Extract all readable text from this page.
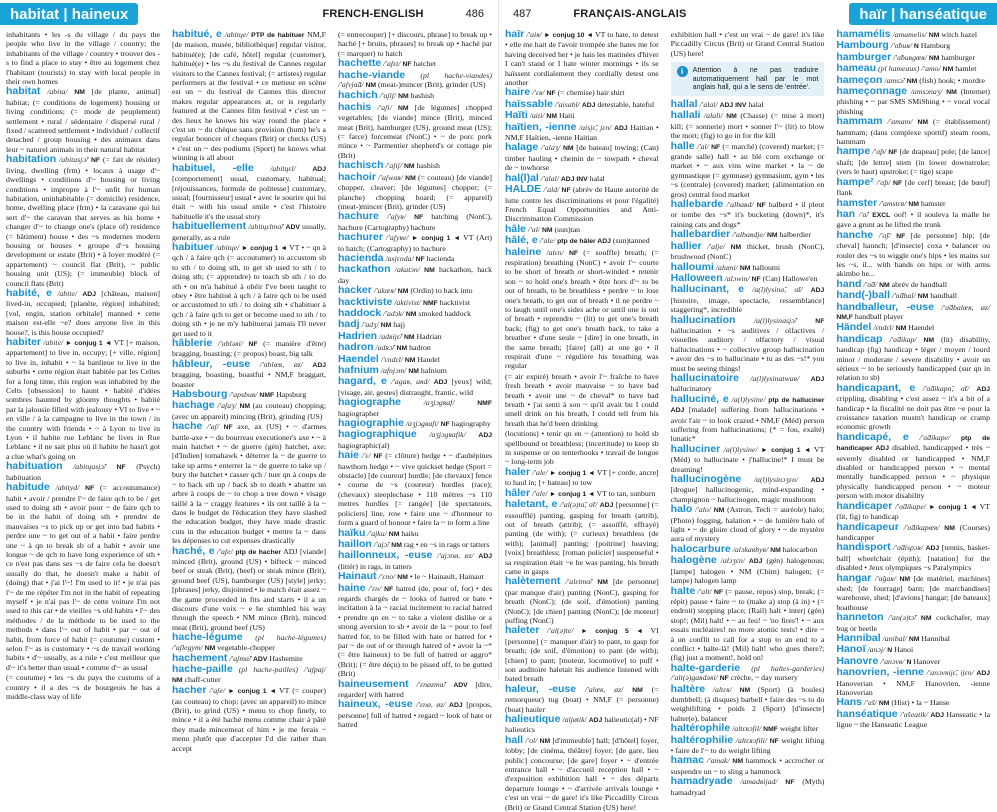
habitat | haineux	FRENCH-ENGLISH	486
inhabitants • les -s du village / du pays the people who live in the village / country; the inhabitants of the village / country • trouver des -s to find a place to stay • être au logement chez l'habitant (tourists) to stay with local people in their own homes
habitat /abita/ NM [de plante, animal] habitat; (= conditions de logement) housing or living conditions; (= mode de peuplement) settlement • rural / sédentaire / dispersé rural / fixed / scattered settlement • individuel / collectif detached / group housing • des animaux dans leur ~ naturel animals in their natural habitat
habitation /abitasjɔ̃/ NF (= fait de résider) living, dwelling (frm) • locaux à usage d'~ dwellings • conditions d'~ housing or living conditions • impropre à l'~ unfit for human habitation, uninhabitable (= domicile) residence, home, dwelling place (frm) • la caravane qui lui sert d'~ the caravan that serves as his home • changer d'~ to change one's (place of) residence (= bâtiment) house • des ~s modernes modern housing or houses • groupe d'~s housing development or estate (Brit) • à loyer modéré (= appartement) ~ council flat (Brit), ~ public housing unit (US); (= immeuble) block of council flats (Brit)
habité, e /abite/ ADJ [château, maison] lived-in, occupied; [planète, région] inhabited; [vol, engin, station orbitale] manned • cette maison est-elle ~e? does anyone live in this house?, is this house occupied?
habiter /abite/ ► conjug 1 ◄ VT [+ maison, appartement] to live in, occupy; [+ ville, région] to live in, inhabit • ~ la banlieue to live in the suburbs • cette région était habitée par les Celtes for a long time, this region was inhabited by the Celts [obsession] to haunt • habité d'idées sombres haunted by gloomy thoughts • habité par la jalousie filled with jealousy • VI to live • ~ en ville / à la campagne to live in the town / in the country with friends • ~ à Lyon to live in Lyon • il habite rue Leblanc he lives in Rue Leblanc • il ne sait plus où il habite he hasn't got a clue what's going on
habituation /abitɥasjɔ̃/ NF (Psych) habituation
habitude /abityd/ NF (= accoutumance) habit • avoir / prendre l'~ de faire qch to be / get used to doing sth • avoir pour ~ de faire qch to be in the habit of doing sth • prendre de mauvaises ~s to pick up or get into bad habits • perdre une ~ to get out of a habit • faire perdre une ~ à qn to break sb of a habit • avoir une longue ~ de qch to have long experience of sth • ce n'est pas dans ses ~s de faire cela he doesn't usually do that, he doesn't make a habit of (doing) that • j'ai l'~! I'm used to it! • je n'ai pas l'~ de me répéter I'm not in the habit of repeating myself • je n'ai pas l'~ de cette voiture I'm not used to this car • de vieilles ~s old habits • l'~ des méthodes / de la méthode to be used to the methods • dans l'~ out of habit • par ~ out of habit, from force of habit (= coutume) custom • selon l'~ as is customary • ~s de travail working habits • d'~ usually, as a rule • c'est meilleur que d'~ it's better than usual • comme d'~ as usual
(= coutume) • les ~s du pays the customs of a country • il a des ~s de bourgeois he has a middle-class way of life
habitué, e /abitɥe/ PTP de habituer NM,F [de maison, musée, bibliothèque] regular visitor, habitué(e); [de café, hôtel] regular (customer), habitué(e) • les ~s du festival de Cannes regular visitors to the Cannes festival; (= artistes) regular performers at the festival • ce metteur en scène est un ~ du festival de Cannes this director makes regular appearances at, or is regularly featured at the Cannes film festival • c'est un ~ des lieux he knows his way round the place • c'est un ~ du chèque sans provision (hum) he's a regular bouncer of cheques (Brit) or checks (US) • c'est un ~ des podiums (Sport) he knows what winning is all about
habituel, -elle /abitɥɛl/ ADJ [comportement] usual, customary, habitual; [réjouissances, formule de politesse] customary, usual; [fournisseur] usual • avec le sourire qui lui était ~ with his usual smile • c'est l'histoire habituelle it's the usual story
habituellement /abitɥɛlmɑ̃/ ADV usually, generally, as a rule
habituer /abitɥe/ ► conjug 1 ◄ VT • ~ qn à qch / à faire qch (= accoutumer) to accustom sb to sth / to doing sth, to get sb used to sth / to doing sth; (= apprendre) to teach sb sth / to do sth • on m'a habitué à obéir I've been taught to obey • être habitué à qch / à faire qch to be used or accustomed to sth / to doing sth • s'habituer à qch / à faire qch to get or become used to sth / to doing sth • je ne m'y habituerai jamais I'll never get used to it
hâblerie /'ɑbləʀi/ NF (= manière d'être) bragging, boasting; (= propos) boast, big talk
hâbleur, -euse /'ɑblœʀ, øz/ ADJ bragging, boasting, boastful • NM,F braggart, boaster
Habsbourg /'apsbuʀ/ NMF Hapsburg
hachage /'aʃaʒ/ NM (au couteau) chopping; (avec un appareil) mincing (Brit), grinding (US)
hache /'aʃ/ NF axe, ax (US) • ~ d'armes battle-axe • ~ du bourreau executioner's axe • ~ à main hatchet • ~ de guerre (gén) hatchet, axe; [d'Indien] tomahawk • déterrer la ~ de guerre to take up arms • enterrer la ~ de guerre to take up / bury the hatchet • casser qch / tuer qn à coups de ~ to hack sth up / hack sb to death • abattre un arbre à coups de ~ to chop a tree down • visage taillé à la ~ craggy features • ils ont taillé à la ~ dans le budget de l'éducation they have slashed the education budget, they have made drastic cuts in the education budget • mettre la ~ dans les dépenses to cut expenses drastically
haché, e /'aʃe/ ptp de hacher ADJ [viande] minced (Brit), ground (US) • bifteck ~ minced beef or steak (Brit), (beef) or steak mince (Brit), ground beef (US), hamburger (US) [style] jerky; [phrases] jerky, disjointed • le match était assez ~ the game proceeded in fits and starts • il a un discours d'une voix ~ e he stumbled his way through the speech • NM mince (Brit), minced meat (Brit), ground beef (US)
hache-légume (pl hache-légumes) /'aʃlegym/ NM vegetable-chopper
hachement /'aʃmɑ̃/ ADV Hashemite
hache-paille (pl hache-pailles) /'aʃpaj/ NM chaff-cutter
hacher /'aʃe/ ► conjug 1 ◄ VT (= couper) (au couteau) to chop; (avec un appareil) to mince (Brit), to grind (US) • menu to chop finely, to mince • il a été haché menu comme chair à pâté they made mincemeat of him • je me ferais ~ menu plutôt que d'accepter I'd die rather than accept
(= entrecouper) [+ discours, phrase] to break up • haché [+ bruits, phrases] to break up • haché par (= marquer) to hatch
hachette /'aʃɛt/ NF hatchet
hache-viande (pl hache-viandes) /'aʃvjɑ̃d/ NM (meat-)mincer (Brit), grinder (US)
hachich /'aʃiʃ/ NM hashish
hachis /'aʃi/ NM [de légumes] chopped vegetables; [de viande] mince (Brit), minced meat (Brit), hamburger (US), ground meat (US); (= farce) forcemeat (NonC) • ~ de porc pork mince • ~ Parmentier shepherd's or cottage pie (Brit)
hachisch /'aʃiʃ/ NM hashish
hachoir /'aʃwaʀ/ NM (= couteau) [de viande] chopper, cleaver; [de légumes] chopper; (= planche) chopping board; (= appareil) (meat-)mincer (Brit), grinder (US)
hachure /'aʃyʀ/ NF hatching (NonC), hachure (Cartography) hachure
hachurer /'aʃyʀe/ ► conjug 1 ◄ VT (Art) to hatch; (Cartography) to hachure
hacienda /asjɛnda/ NF hacienda
hackathon /akatɔn/ NM hackathon, hack day
hacker /'akœʀ/ NM (Ordin) to hack into
hacktiviste /aktivist/ NMF hacktivist
haddock /'adɔk/ NM smoked haddock
hadj /'adʒ/ NM hajj
Hadrien /adʀijɛ̃/ NM Hadrian
hadron /adʀɔ̃/ NM hadron
Haendel /'ɛndɛl/ NM Handel
hafnium /afnjɔm/ NM hafnium
hagard, e /'agaʀ, aʀd/ ADJ [yeux] wild; [visage, air, gestes] distraught, frantic, wild
hagiographe	/aʒjɔgʀaf/	NMF hagiographer
hagiographie /aʒjɔgʀafi/ NF hagiography
hagiographique /aʒjɔgʀafik/ ADJ hagiographic(al)
haie /'ɛ/ NF (= clôture) hedge • ~ d'aubépines hawthorn hedge • ~ vive quickset hedge (Sport = obstacle) [de coureur] hurdle; [de chevaux] fence • course de ~s (coureur) hurdles (race); (chevaux) steeplechase • 110 mètres ~s 110 metres hurdles [= rangée] [de spectateurs, policiers] line, row • faire une ~ d'honneur to form a guard of honour • faire la ~ to form a line
haïku /'ajku/ NM haiku
haillon /'ajɔ̃/ NM rag • en ~s in rags or tatters
haillonneux, -euse /'ajɔnø, øz/ ADJ (littér) in rags, in tatters
Hainaut /'ɛno/ NM • le ~ Hainault, Hainaut
haine /'ɛn/ NF hatred (de, pour of, for) • des regards chargés de ~ looks of hatred or hate • incitation à la ~ racial incitement to racial hatred • prendre qn en ~ to take a violent dislike or a strong aversion to sb • avoir de la ~ pour to feel hatred for, to be filled with hate or hatred for • par ~ de out of or through hatred of • avoir la ~* (= être haineux) to be full of hatred or aggro* (Brit); (= être déçu) to be pissed off, to be gutted (Brit)
haineusement /'ɛnøzmɑ̃/ ADV [dire, regarder] with hatred
haineux, -euse /'ɛnø, øz/ ADJ [propos, personne] full of hatred • regard ~ look of hate or hatred
487	FRANÇAIS-ANGLAIS	haïr | hanséatique
haïr /'aiʀ/ ► conjug 10 ◄ VT to hate, to detest • elle me hait de l'avoir trompée she hates me for having deceived her • je hais les matinées d'hiver I can't stand or I hate winter mornings • ils se haïssent cordialement they cordially detest one another
haire /'ɛʀ/ NF (= chemise) hair shirt
haïssable /'aisabl/ ADJ detestable, hateful
Haïti /aiti/ NM Haiti
haïtien, -ienne /aisjɛ̃, jɛn/ ADJ Haitian • NM,F Haïtien, -ienne Haitian
halage /'alaʒ/ NM [de bateau] towing; (Can) timber hauling • chemin de ~ towpath • cheval de ~ towhorse
hal(l)al /'alal/ ADJ INV halal
HALDE /'ald/ NF (abrév de Haute autorité de lutte contre les discriminations et pour l'égalité) French Equal Opportunities and Anti-Discrimination Commission
hâle /'ɑl/ NM (sun)tan
hâlé, e /'ɑle/ ptp de hâler ADJ (sun)tanned
haleine /alɛn/ NF (= souffle) breath; (= respiration) breathing (NonC) • avoir l'~ courte to be short of breath or short-winded • retenir son ~ to hold one's breath • être hors d'~ to be out of breath, to be breathless • perdre ~ to lose one's breath, to get out of breath • il ne perdre ~ to laugh until one's sides ache or until one is out of breath • reprendre ~ (lit) to get one's breath back; (fig) to get one's breath back, to take a breather • d'une seule ~ [dire] in one breath, in the same breath; [faire] (all) at one go • il respirait d'une ~ régulière his breathing was regular
(= air expiré) breath • avoir l'~ fraîche to have fresh breath • avoir mauvaise ~ to have bad breath • avoir une ~ de cheval* to have bad breath • j'ai senti à son ~ qu'il avait bu I could smell drink on his breath, I could tell from his breath that he'd been drinking
(locutions) • tenir qn en ~ (attention) to hold sb spellbound or breathless; (incertitude) to keep sb in suspense or on tenterhooks • travail de longue ~ long-term job
haler /'ale/ ► conjug 1 ◄ VT [+ corde, ancre] to haul in; [+ bateau] to tow
hâler /'ɑle/ ► conjug 1 ◄ VT to tan, sunburn
haletant, e /'al(ə)tɑ̃, ɑ̃t/ ADJ [personne] (= essoufflé) panting, gasping for breath (attrib), out of breath (attrib); (= assoiffé, effrayé) panting (de with); (= curieux) breathless (de with); [animal] panting; [poitrine] heaving; [voix] breathless; [roman policier] suspenseful • sa respiration était ~e he was panting, his breath came in gasps
halètement /'alɛtmɑ̃/ NM [de personne] (par manque d'air) panting (NonC), gasping for breath (NonC); (de soif, d'émotion) panting (NonC); [de chien] panting (NonC); [de moteur] puffing (NonC)
haleter /'al(ə)te/ ► conjug 5 ◄ VI [personne] (= manquer d'air) to pant, to gasp for breath; (de soif, d'émotion) to pant (de with); [chien] to pant; [moteur, locomotive] to puff • son auditoire haletait his audience listened with bated breath
haleur, -euse /'alœʀ, øz/ NM (= remorqueur) tug (boat) • NM,F (= personne) (boat) hauler
halieutique /aljøtik/ ADJ halieutic(al) • NF halieutics
hall /'ol/ NM [d'immeuble] hall; [d'hôtel] foyer, lobby; [de cinéma, théâtre] foyer; [de gare, lieu public] concourse; [de gare] foyer • ~ d'entrée entrance hall • ~ d'accueil reception hall • ~ d'exposition exhibition hall • ~ des départs departure lounge • ~ d'arrivée arrivals lounge • c'est un vrai ~ de gare! it's like Piccadilly Circus (Brit) or Grand Central Station (US) here!
exhibition hall • c'est un vrai ~ de gare! it's like Piccadilly Circus (Brit) or Grand Central Station (US) here!
i	Attention à ne pas traduire automatiquement hall par le mot anglais hall, qui a le sens de 'entrée'.
hallal /'alal/ ADJ INV halal
hallali /alali/ NM (Chasse) (= mise à mort) kill; (= sonnerie) mort • sonner l'~ (lit) to blow the mort; (fig) to go in for the kill
halle /'al/ NF (= marché) (covered) market; (= grande salle) hall • au blé corn exchange or market • ~ aux vins wine market • la ~ de gymnastique (= gymnase) gymnasium, gym • les ~s (centrale) (covered) market; (alimentation en gros) central food market
hallebarde /'albaʀd/ NF halberd • il pleut or tombe des ~s* it's bucketing (down)*, it's raining cats and dogs*
hallebardier /'albaʀdje/ NM halberdier
hallier /'alje/ NM thicket, brush (NonC), brushwood (NonC)
halloumi /alumi/ NM halloumi
Halloween /alɔwin/ NF (Can) Hallowe'en
hallucinant, e /a(l)lysinɑ̃, ɑ̃t/ ADJ [histoire, image, spectacle, ressemblance] staggering*, incredible
hallucination /a(l)lysinasjɔ̃/	NF hallucination • ~s auditives / olfactives / visuelles auditory / olfactory / visual hallucinations • ~ collective group hallucination • avoir des ~s to hallucinate • tu as des ~s!* you must be seeing things!
hallucinatoire /a(l)lysinatwaʀ/ ADJ hallucinatory
halluciné, e /a(l)lysine/ ptp de halluciner ADJ [malade] suffering from hallucinations • avoir l'air ~ to look crazed • NM,F (Méd) person suffering from hallucinations; (* = fou, exalté) lunatic*
halluciner /a(l)lysine/ ► conjug 1 ◄ VT (Méd) to hallucinate • j'hallucine!* I must be dreaming!
hallucinogène /a(l)lysinɔʒɛn/ ADJ [drogue] hallucinogenic, mind-expanding • champignon ~ hallucinogen, magic mushroom
halo /'alo/ NM (Astron, Tech = auréole) halo; (Photo) fogging, halation • ~ de lumière halo of light • ~ de gloire cloud of glory • ~ de mystère aura of mystery
halocarbure /alɔkaʀbyʀ/ NM halocarbon
halogène /alɔʒɛn/ ADJ (gén) halogenous; [lampe] halogen • NM (Chim) halogen; (= lampe) halogen lamp
halte /'alt/ NF (= pause, repos) stop, break; (= répit) pause • faire ~ to (make a) stop (à in) • (= endroit) stopping place; (Rail) halt • interj (gén) stop!; (Mil) halt! • ~ au feu! ~ 'no fires'! • ~ aux essais nucléaires! no more atomic tests! • dire ~ à un conflit to call for a stop to an end to a conflict • halte-là! (Mil) halt! who goes there?; (fig) just a moment!, hold on!
halte-garderie (pl haltes-garderies) /'alt(ə)gaʀdəʀi/ NF crèche, ~ day nursery
haltère /altɛʀ/ NM (Sport) (à boules) dumbbell; (à disques) barbell • faire des ~s to do weightlifting • poids 2 (Sport) [d'insecte] halter(e), balancer
haltérophile /altɛʀɔfil/ NMF weight lifter
haltérophilie /altɛʀɔfili/ NF weight lifting • faire de l'~ to do weight lifting
hamac /'amak/ NM hammock • accrocher or suspendre un ~ to sling a hammock
hamadryade /amadʀijad/ NF (Myth) hamadryad
hamamélis /amamelis/ NM witch hazel
Hambourg /'ɑ̃buʀ/ N Hamburg
hamburger /'ɑ̃buʀgœʀ/ NM hamburger
hameau (pl hameaux) /'amo/ NM hamlet
hameçon /amsɔ̃/ NM (fish) hook; • mordre
hameçonnage /amsɔnaʒ/ NM (Internet) phishing • ~ par SMS SMiShing • ~ vocal vocal phishing
hammam /'amam/ NM (= établissement) hammam; (dans complexe sportif) steam room, hammam
hampe /'ɑ̃p/ NF [de drapeau] pole; [de lance] shaft; [de lettre] stem (in lower downstroke; (vers le haut) upstroke; (= tige) scape
hampe² /'ɑ̃p/ NF [de cerf] breast; [de bœuf] flank
hamster /'amstɛʀ/ NM hamster
han /'ɑ̃/ EXCL oof! • il souleva la malle he gave a grunt as he lifted the trunk
hanche /'ɑ̃ʃ/ NF [de personne] hip; [de cheval] haunch; [d'insecte] coxa • balancer ou rouler des ~s to wiggle one's hips • les mains sur les ~s, il... with hands on hips or with arms akimbo he...
hand /'ɑ̃d/ NM abrév de handball
hand(-)ball /'ɑ̃dbal/ NM handball
handballeur, -euse /'ɑ̃dbalœʀ, øz/ NM,F handball player
Händel /ɛndɛl/ NM Haendel
handicap /'ɑ̃dikap/ NM (lit) disability, handicap (fig) handicap • léger / moyen / lourd minor / moderate / severe disability • avoir un sérieux ~ to be seriously handicapped (sur qn in relation to sb)
handicapant, e /'ɑ̃dikapɑ̃, ɑ̃t/ ADJ crippling, disabling • c'est assez ~ it's a bit of a handicap • la fiscalité ne doit pas être ~e pour la croissance taxation mustn't handicap or cramp economic growth
handicapé, e /'ɑ̃dikape/ ptp de handicaper ADJ disabled, handicapped • très ~ severely disabled or handicapped • NM,F disabled or handicapped person • ~ mental mentally handicapped person • ~ physique physically handicapped person • ~ moteur person with motor disability
handicaper /'ɑ̃dikape/ ► conjug 1 ◄ VT (lit, fig) to handicap
handicapeur /'ɑ̃dikapœʀ/ NM (Courses) handicapper
handisport /'ɑ̃dispɔʀ/ ADJ [tennis, basket-ball] wheelchair (épith); [natation] for the disabled • Jeux olympiques ~s Paralympics
hangar /'ɑ̃gaʀ/ NM [de matériel, machines] shed; [de fourrage] barn; [de marchandises] warehouse, shed; [d'avions] hangar; [de bateaux] boathouse
hanneton /'an(ə)tɔ̃/ NM cockchafer, may bug or beetle
Hannibal /anibal/ NM Hannibal
Hanoï /anɔj/ N Hanoi
Hanovre /'anɔvʀ/ N Hanover
hanovrien, -ienne /'anɔvʀijɛ̃, ijɛn/ ADJ Hanoverian • NM,F Hanovrien, -ienne Hanoverian
Hans /'ɑ̃s/ NM (Hist) • la ~ Hanse
hanséatique /'ɑ̃seatik/ ADJ Hanseatic • la ligue ~ the Hanseatic League
